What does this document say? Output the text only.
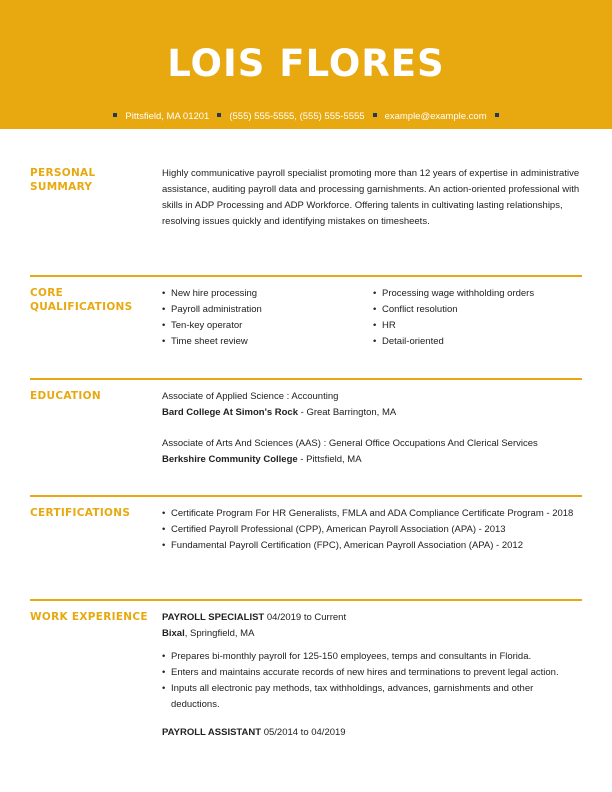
LOIS FLORES
Pittsfield, MA 01201 (555) 555-5555, (555) 555-5555 example@example.com
PERSONAL SUMMARY
Highly communicative payroll specialist promoting more than 12 years of expertise in administrative assistance, auditing payroll data and processing garnishments. An action-oriented professional with skills in ADP Processing and ADP Workforce. Offering talents in cultivating lasting relationships, resolving issues quickly and identifying mistakes on timesheets.
CORE QUALIFICATIONS
• New hire processing
• Payroll administration
• Ten-key operator
• Time sheet review
• Processing wage withholding orders
• Conflict resolution
• HR
• Detail-oriented
EDUCATION	Associate of Applied Science : Accounting
Bard College At Simon's Rock - Great Barrington, MA
Associate of Arts And Sciences (AAS) : General Office Occupations And Clerical Services
Berkshire Community College - Pittsfield, MA
CERTIFICATIONS
•	Certificate Program For HR Generalists, FMLA and ADA Compliance Certificate Program - 2018
• Certified Payroll Professional (CPP), American Payroll Association (APA) - 2013
• Fundamental Payroll Certification (FPC), American Payroll Association (APA) - 2012
WORK EXPERIENCE PAYROLL SPECIALIST 04/2019 to Current
Bixal, Springfield, MA
• Prepares bi-monthly payroll for 125-150 employees, temps and consultants in Florida.
• Enters and maintains accurate records of new hires and terminations to prevent legal action.
• Inputs all electronic pay methods, tax withholdings, advances, garnishments and other deductions.
PAYROLL ASSISTANT 05/2014 to 04/2019
